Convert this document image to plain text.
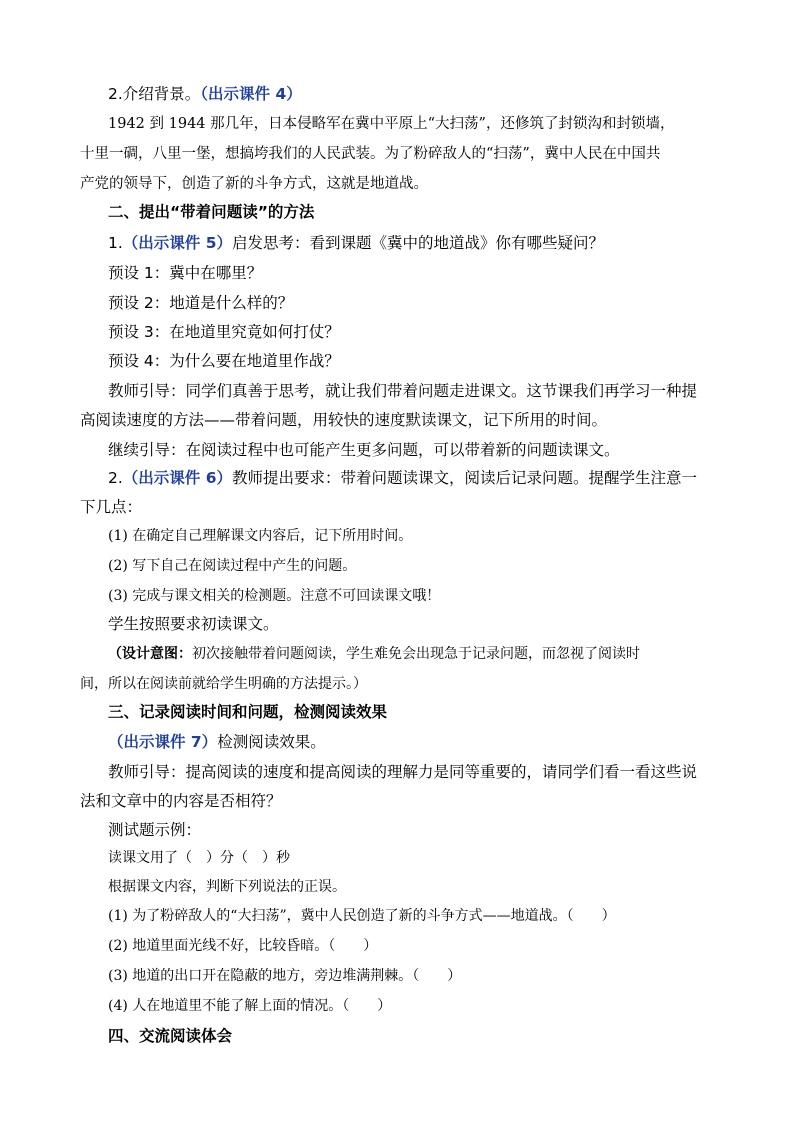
2.介绍背景。（出示课件 4）
1942 到 1944 那几年，日本侵略军在冀中平原上“大扫荡”，还修筑了封锁沟和封锁墙，
十里一碉，八里一堡，想搞垮我们的人民武装。为了粉碎敌人的“扫荡”，冀中人民在中国共
产党的领导下，创造了新的斗争方式，这就是地道战。
二、提出“带着问题读”的方法
1.（出示课件 5）启发思考：看到课题《冀中的地道战》你有哪些疑问？
预设 1：冀中在哪里？
预设 2：地道是什么样的？
预设 3：在地道里究竟如何打仗？
预设 4：为什么要在地道里作战？
教师引导：同学们真善于思考，就让我们带着问题走进课文。这节课我们再学习一种提
高阅读速度的方法——带着问题，用较快的速度默读课文，记下所用的时间。
继续引导：在阅读过程中也可能产生更多问题，可以带着新的问题读课文。
2.（出示课件 6）教师提出要求：带着问题读课文，阅读后记录问题。提醒学生注意一
下几点：
(1) 在确定自己理解课文内容后，记下所用时间。
(2) 写下自己在阅读过程中产生的问题。
(3) 完成与课文相关的检测题。注意不可回读课文哦！
学生按照要求初读课文。
（设计意图：初次接触带着问题阅读，学生难免会出现急于记录问题，而忽视了阅读时
间，所以在阅读前就给学生明确的方法提示。）
三、记录阅读时间和问题，检测阅读效果
（出示课件 7）检测阅读效果。
教师引导：提高阅读的速度和提高阅读的理解力是同等重要的，请同学们看一看这些说
法和文章中的内容是否相符？
测试题示例：
读课文用了（　）分（　）秒
根据课文内容，判断下列说法的正误。
(1) 为了粉碎敌人的“大扫荡”，冀中人民创造了新的斗争方式——地道战。（　　）
(2) 地道里面光线不好，比较昏暗。（　　）
(3) 地道的出口开在隐蔽的地方，旁边堆满荆棘。（　　）
(4) 人在地道里不能了解上面的情况。（　　）
四、交流阅读体会
